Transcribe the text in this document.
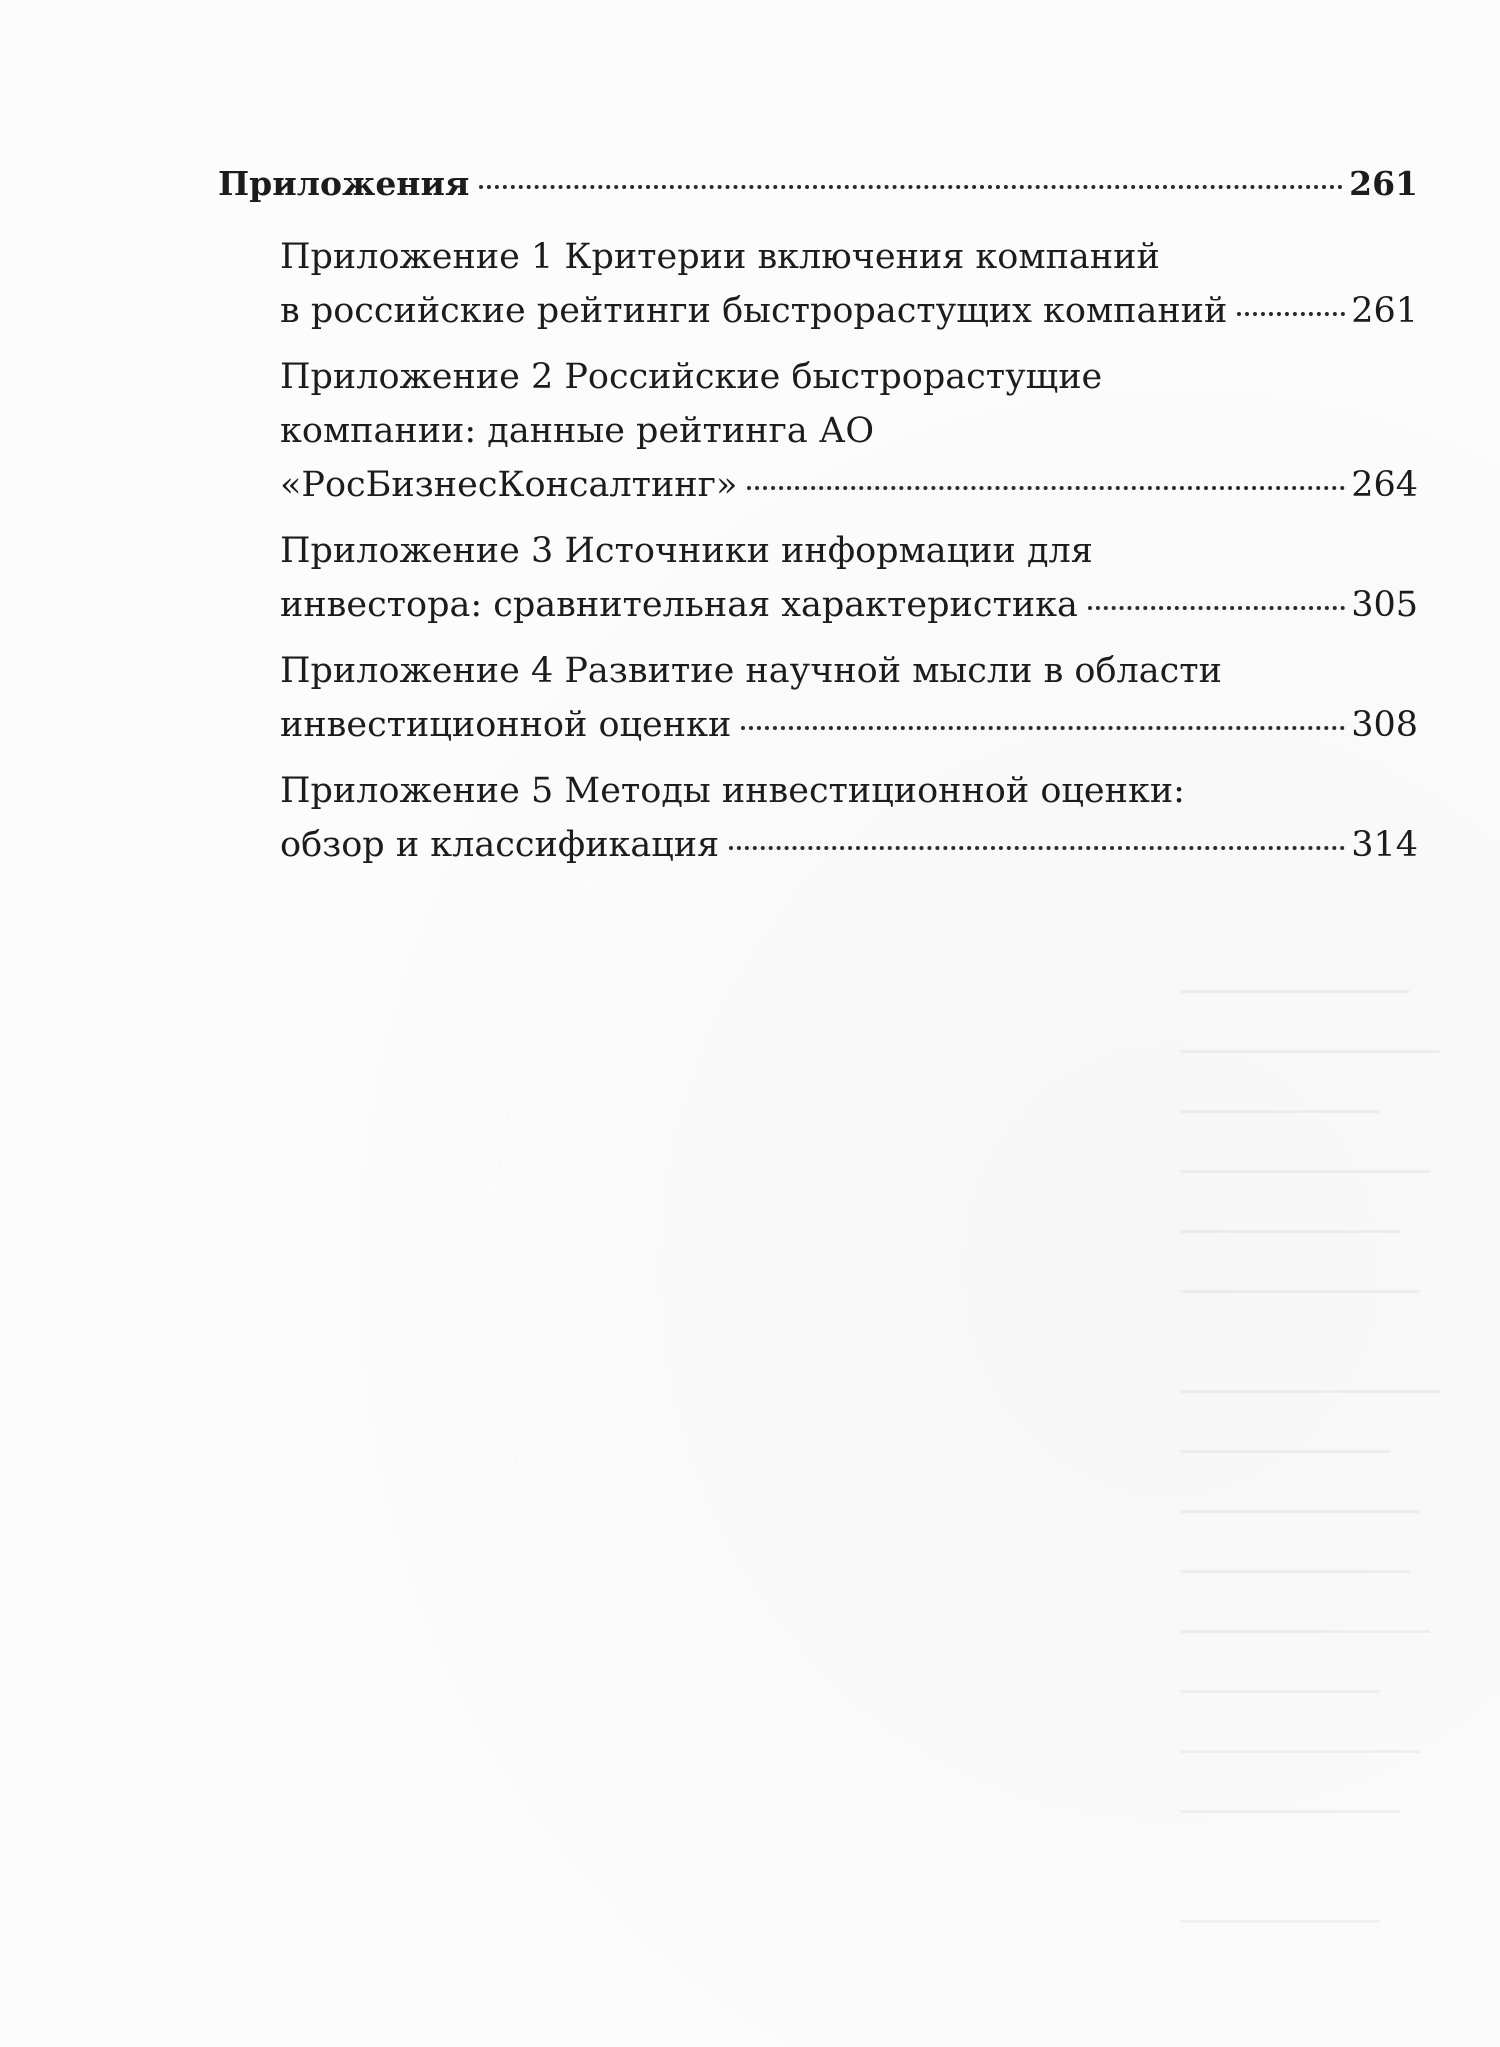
Приложения	261
Приложение 1 Критерии включения компаний
в российские рейтинги быстрорастущих компаний	261
Приложение 2 Российские быстрорастущие
компании: данные рейтинга АО
«РосБизнесКонсалтинг»	264
Приложение 3 Источники информации для
инвестора: сравнительная характеристика	305
Приложение 4 Развитие научной мысли в области
инвестиционной оценки	308
Приложение 5 Методы инвестиционной оценки:
обзор и классификация	314
